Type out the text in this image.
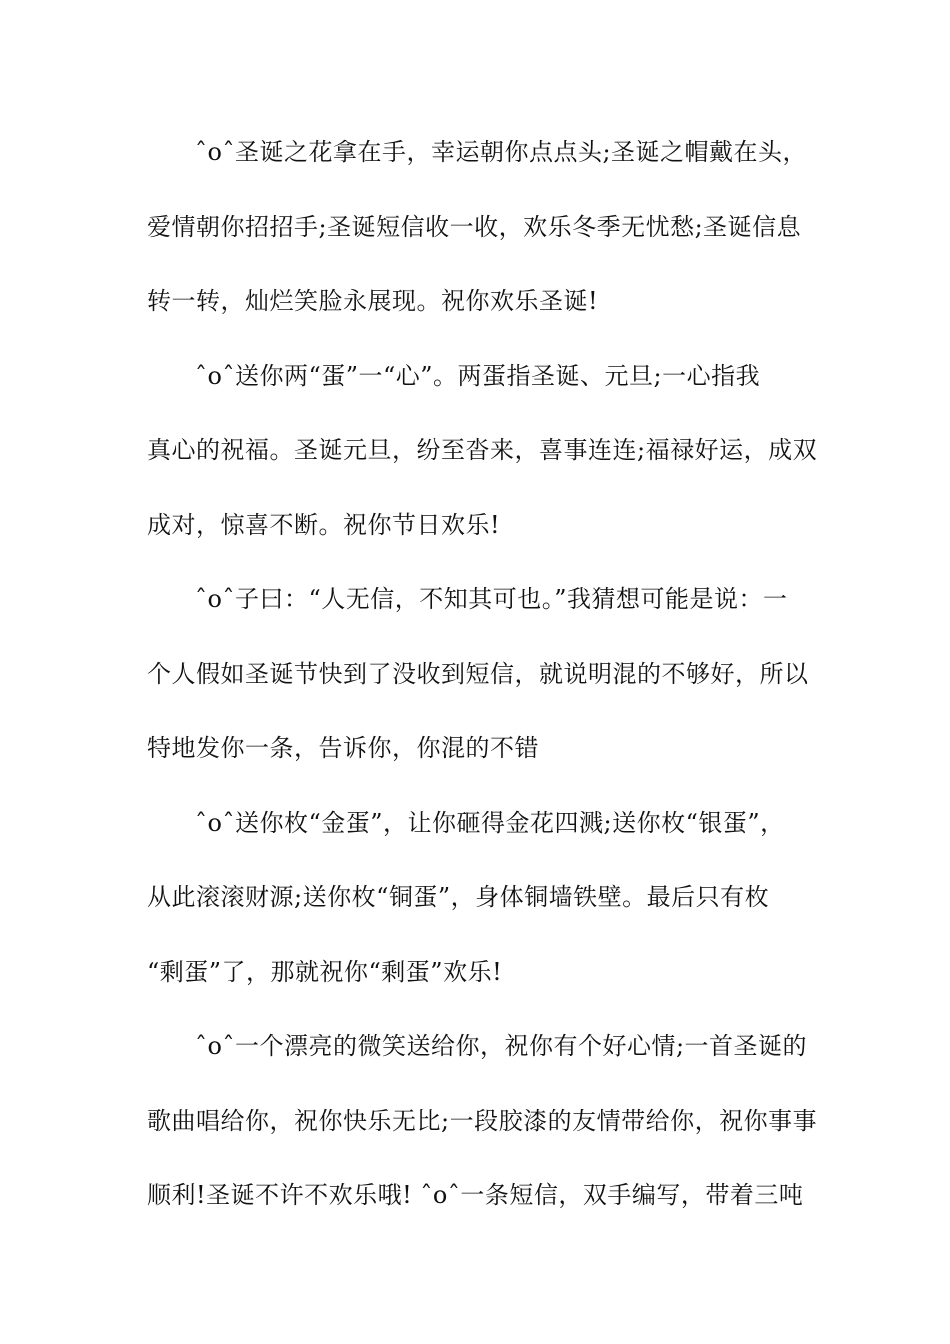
ˆoˆ圣诞之花拿在手，幸运朝你点点头;圣诞之帽戴在头，
爱情朝你招招手;圣诞短信收一收，欢乐冬季无忧愁;圣诞信息
转一转，灿烂笑脸永展现。祝你欢乐圣诞!
ˆoˆ送你两“蛋”一“心”。两蛋指圣诞、元旦;一心指我
真心的祝福。圣诞元旦，纷至沓来，喜事连连;福禄好运，成双
成对，惊喜不断。祝你节日欢乐!
ˆoˆ子曰：“人无信，不知其可也。”我猜想可能是说：一
个人假如圣诞节快到了没收到短信，就说明混的不够好，所以
特地发你一条，告诉你，你混的不错
ˆoˆ送你枚“金蛋”，让你砸得金花四溅;送你枚“银蛋”，
从此滚滚财源;送你枚“铜蛋”，身体铜墙铁壁。最后只有枚
“剩蛋”了，那就祝你“剩蛋”欢乐!
ˆoˆ一个漂亮的微笑送给你，祝你有个好心情;一首圣诞的
歌曲唱给你，祝你快乐无比;一段胶漆的友情带给你，祝你事事
顺利!圣诞不许不欢乐哦! ˆoˆ一条短信，双手编写，带着三吨
